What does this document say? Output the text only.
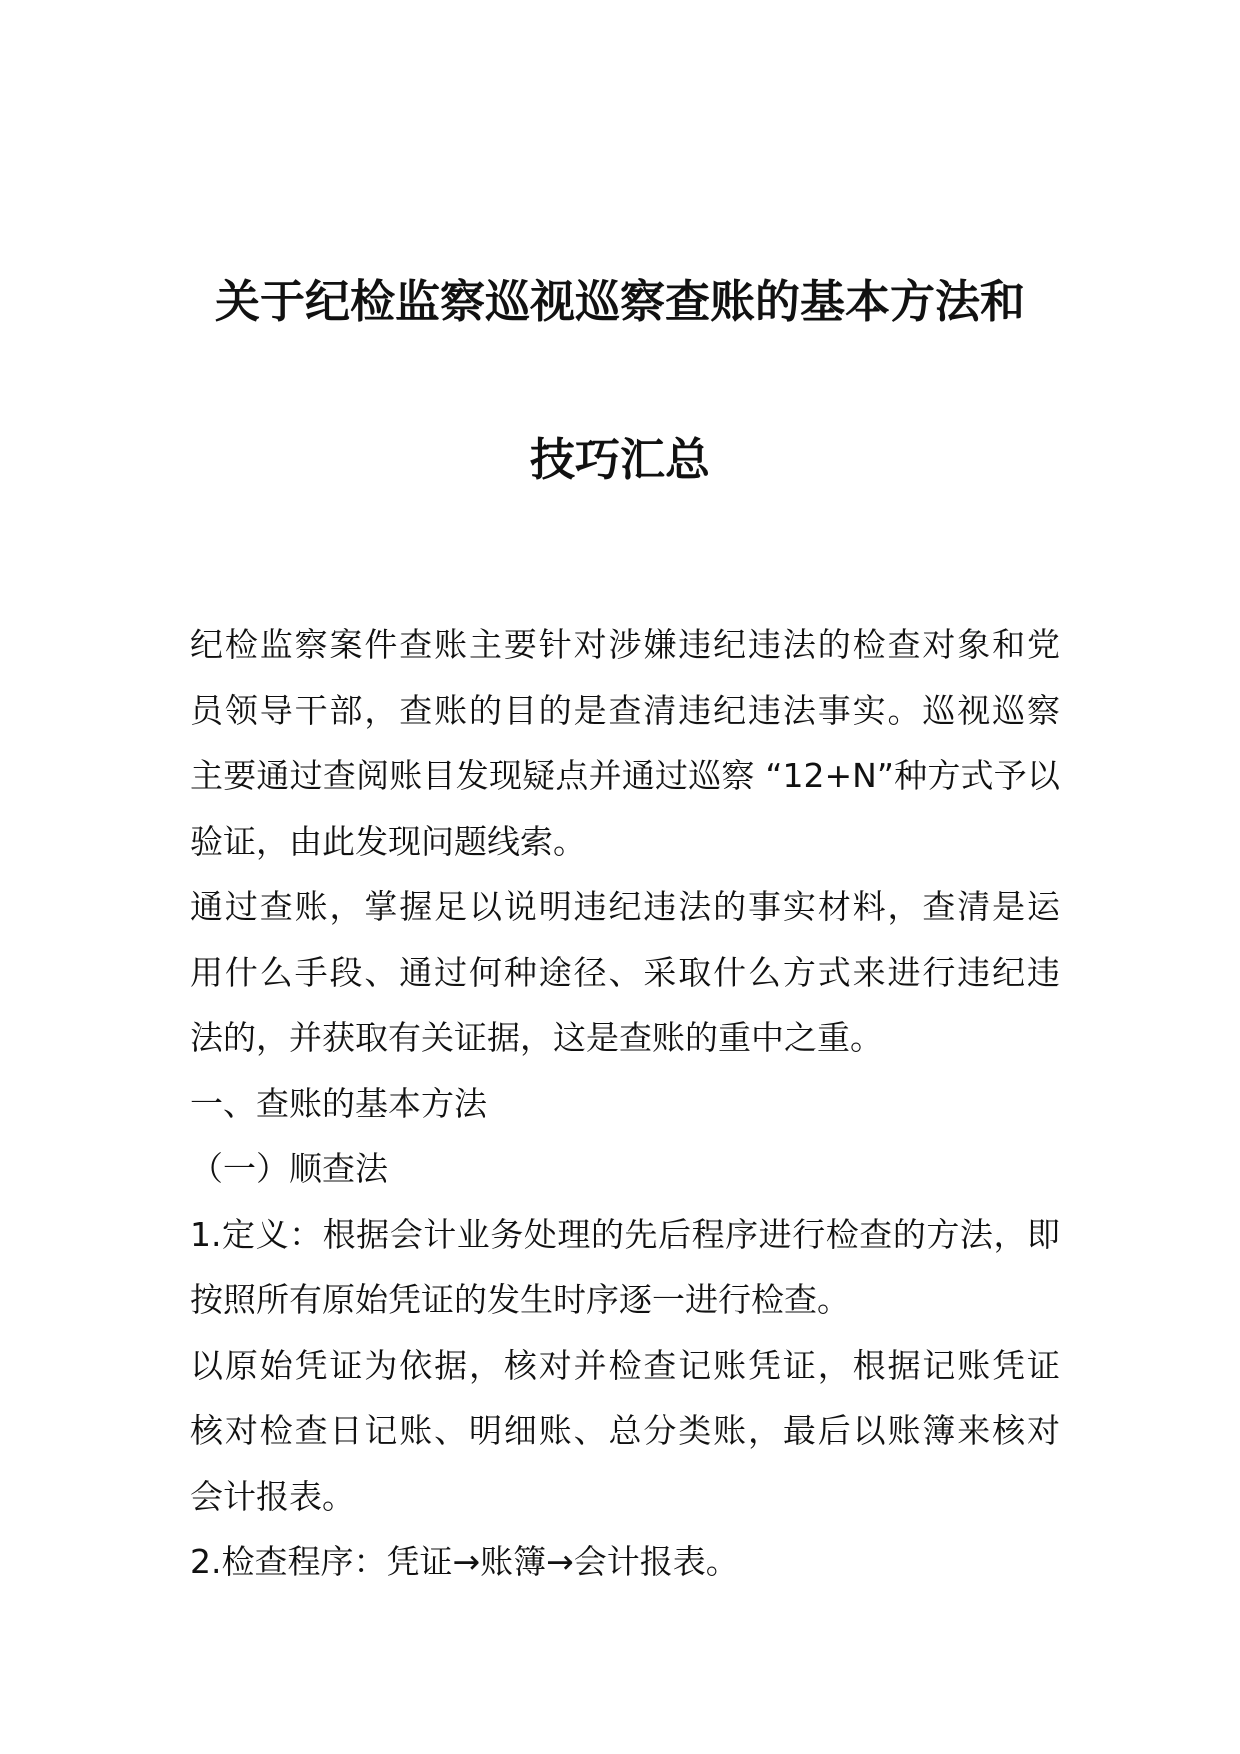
关于纪检监察巡视巡察查账的基本方法和
技巧汇总
纪检监察案件查账主要针对涉嫌违纪违法的检查对象和党
员领导干部，查账的目的是查清违纪违法事实。巡视巡察
主要通过查阅账目发现疑点并通过巡察 “12+N”种方式予以
验证，由此发现问题线索。
通过查账，掌握足以说明违纪违法的事实材料，查清是运
用什么手段、通过何种途径、采取什么方式来进行违纪违
法的，并获取有关证据，这是查账的重中之重。
一、查账的基本方法
（一）顺查法
1.定义：根据会计业务处理的先后程序进行检查的方法，即
按照所有原始凭证的发生时序逐一进行检查。
以原始凭证为依据，核对并检查记账凭证，根据记账凭证
核对检查日记账、明细账、总分类账，最后以账簿来核对
会计报表。
2.检查程序：凭证→账簿→会计报表。
